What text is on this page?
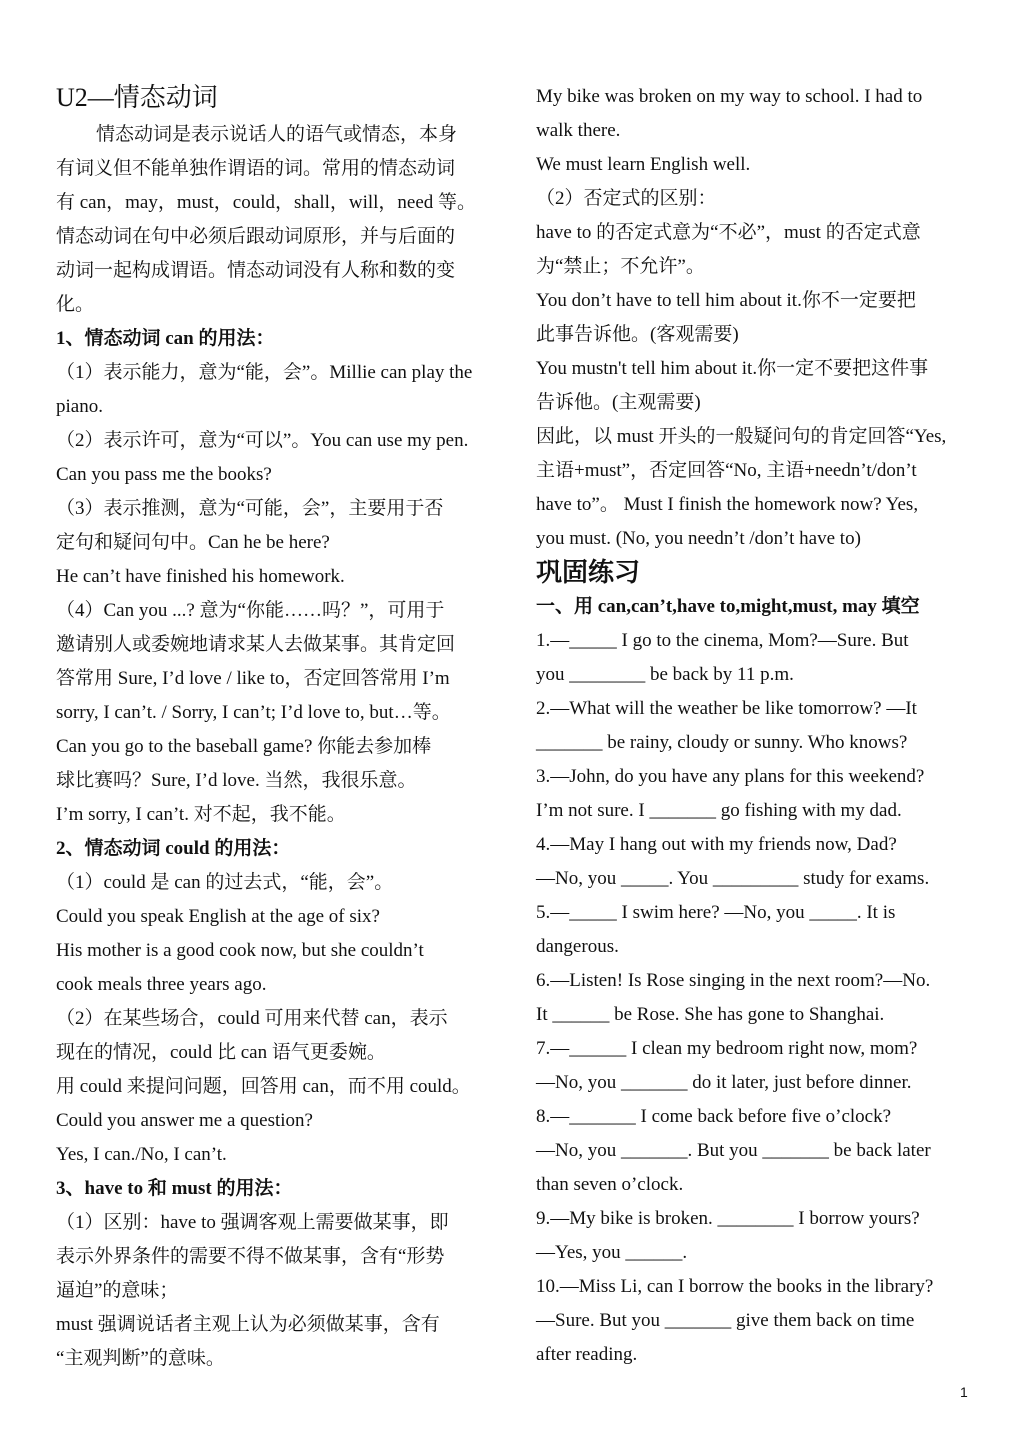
U2—情态动词
情态动词是表示说话人的语气或情态，本身
有词义但不能单独作谓语的词。常用的情态动词
有 can，may，must，could，shall，will，need 等。
情态动词在句中必须后跟动词原形，并与后面的
动词一起构成谓语。情态动词没有人称和数的变
化。
1、情态动词 can 的用法：
（1）表示能力，意为“能，会”。Millie can play the
piano.
（2）表示许可，意为“可以”。You can use my pen.
Can you pass me the books?
（3）表示推测，意为“可能，会”，主要用于否
定句和疑问句中。Can he be here?
He can’t have finished his homework.
（4）Can you ...? 意为“你能……吗？”，可用于
邀请别人或委婉地请求某人去做某事。其肯定回
答常用 Sure, I’d love / like to，否定回答常用 I’m
sorry, I can’t. / Sorry, I can’t; I’d love to, but…等。
Can you go to the baseball game? 你能去参加棒
球比赛吗？Sure, I’d love. 当然，我很乐意。
I’m sorry, I can’t. 对不起，我不能。
2、情态动词 could 的用法：
（1）could 是 can 的过去式，“能，会”。
Could you speak English at the age of six?
His mother is a good cook now, but she couldn’t
cook meals three years ago.
（2）在某些场合，could 可用来代替 can，表示
现在的情况，could 比 can 语气更委婉。
用 could 来提问问题，回答用 can，而不用 could。
Could you answer me a question?
Yes, I can./No, I can’t.
3、have to 和 must 的用法：
（1）区别：have to 强调客观上需要做某事，即
表示外界条件的需要不得不做某事，含有“形势
逼迫”的意味；
must 强调说话者主观上认为必须做某事，含有
“主观判断”的意味。
My bike was broken on my way to school. I had to
walk there.
We must learn English well.
（2）否定式的区别：
have to 的否定式意为“不必”，must 的否定式意
为“禁止；不允许”。
You don’t have to tell him about it.你不一定要把
此事告诉他。(客观需要)
You mustn't tell him about it.你一定不要把这件事
告诉他。(主观需要)
因此，以 must 开头的一般疑问句的肯定回答“Yes,
主语+must”，否定回答“No, 主语+needn’t/don’t
have to”。 Must I finish the homework now? Yes,
you must. (No, you needn’t /don’t have to)
巩固练习
一、用 can,can’t,have to,might,must, may 填空
1.—_____ I go to the cinema, Mom?—Sure. But
you ________ be back by 11 p.m.
2.—What will the weather be like tomorrow? —It
_______ be rainy, cloudy or sunny. Who knows?
3.—John, do you have any plans for this weekend?
I’m not sure. I _______ go fishing with my dad.
4.—May I hang out with my friends now, Dad?
—No, you _____. You _________ study for exams.
5.—_____ I swim here? —No, you _____. It is
dangerous.
6.—Listen! Is Rose singing in the next room?—No.
It ______ be Rose. She has gone to Shanghai.
7.—______ I clean my bedroom right now, mom?
—No, you _______ do it later, just before dinner.
8.—_______ I come back before five o’clock?
—No, you _______. But you _______ be back later
than seven o’clock.
9.—My bike is broken. ________ I borrow yours?
—Yes, you ______.
10.—Miss Li, can I borrow the books in the library?
—Sure. But you _______ give them back on time
after reading.
1
